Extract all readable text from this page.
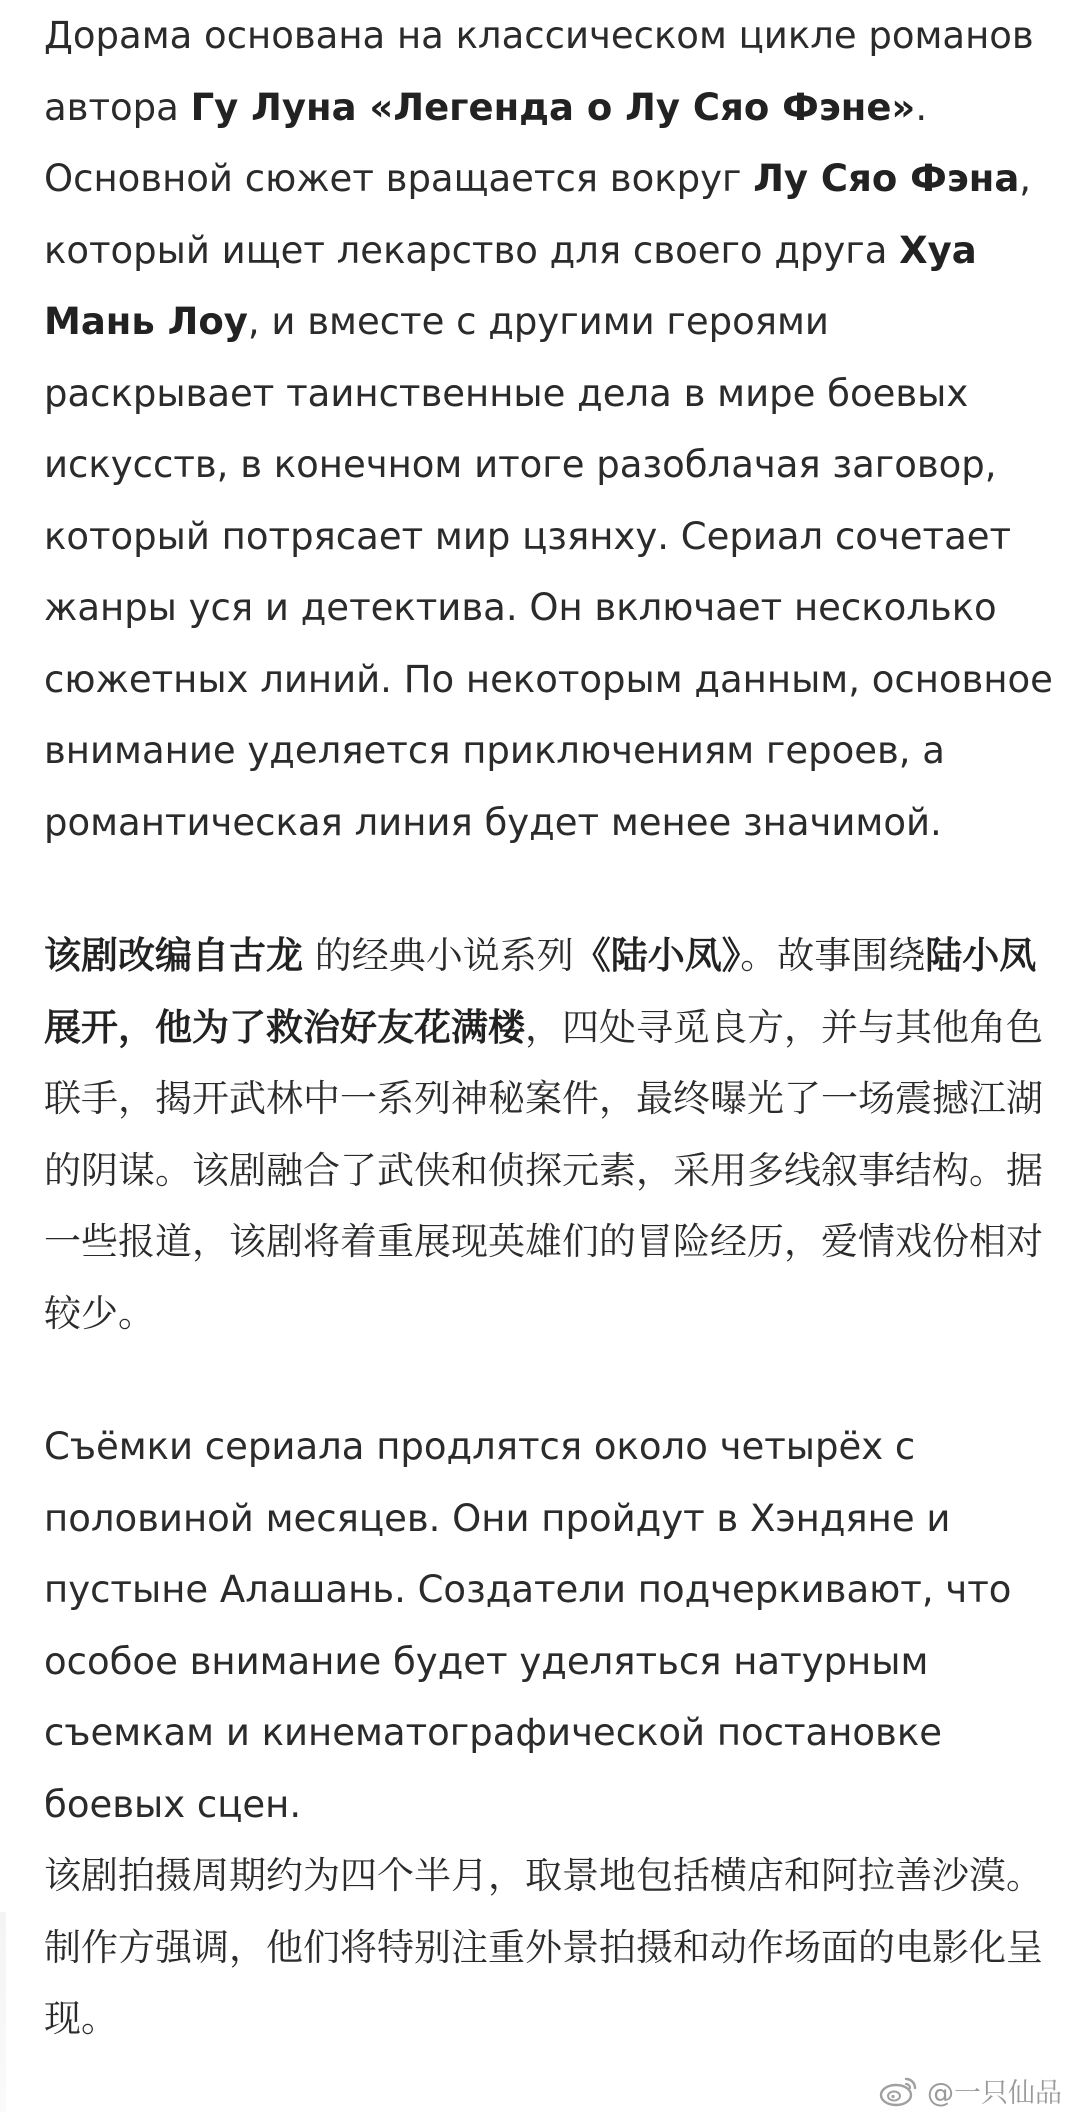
Дорама основана на классическом цикле романов автора Гу Луна «Легенда о Лу Сяо Фэне». Основной сюжет вращается вокруг Лу Сяо Фэна, который ищет лекарство для своего друга Хуа Мань Лоу, и вместе с другими героями раскрывает таинственные дела в мире боевых искусств, в конечном итоге разоблачая заговор, который потрясает мир цзянху. Сериал сочетает жанры уся и детектива. Он включает несколько сюжетных линий. По некоторым данным, основное внимание уделяется приключениям героев, а романтическая линия будет менее значимой.

该剧改编自古龙 的经典小说系列《陆小凤》。故事围绕陆小凤展开，他为了救治好友花满楼，四处寻觅良方，并与其他角色联手，揭开武林中一系列神秘案件，最终曝光了一场震撼江湖的阴谋。该剧融合了武侠和侦探元素，采用多线叙事结构。据一些报道，该剧将着重展现英雄们的冒险经历，爱情戏份相对较少。

Съёмки сериала продлятся около четырёх с половиной месяцев. Они пройдут в Хэндяне и пустыне Алашань. Создатели подчеркивают, что особое внимание будет уделяться натурным съемкам и кинематографической постановке боевых сцен.

该剧拍摄周期约为四个半月，取景地包括横店和阿拉善沙漠。制作方强调，他们将特别注重外景拍摄和动作场面的电影化呈现。

@一只仙品
